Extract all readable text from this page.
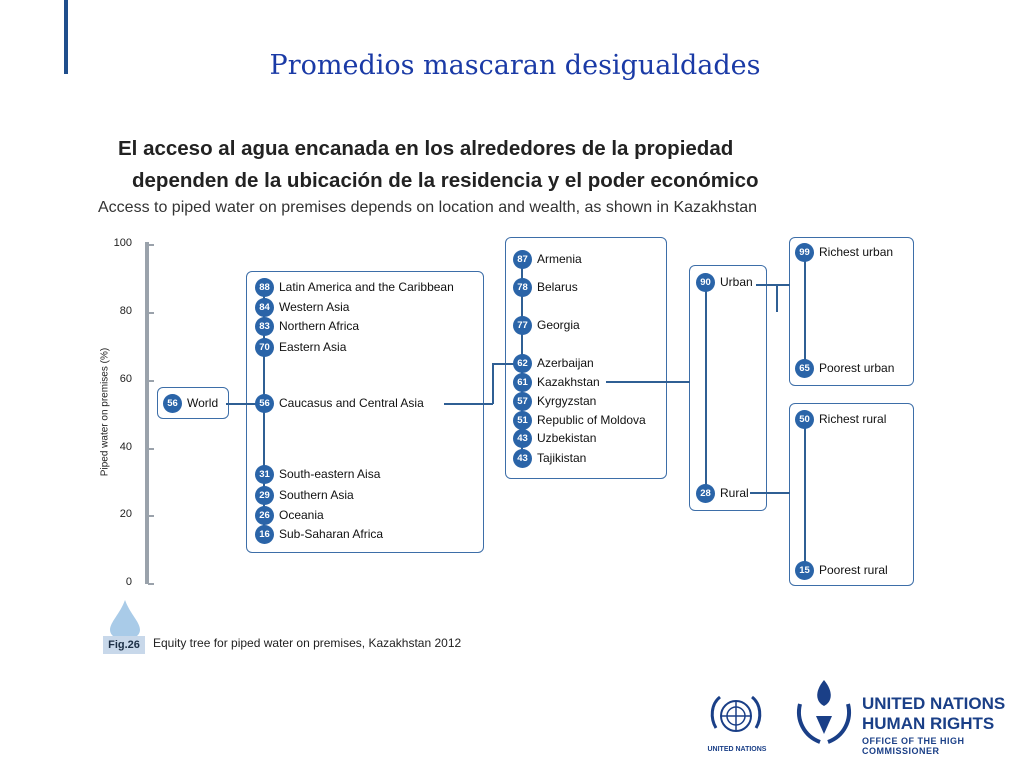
Promedios mascaran desigualdades
El acceso al agua encanada en los alrededores de la propiedad
dependen de la ubicación de la residencia y el poder económico
Access to piped water on premises depends on location and wealth, as shown in Kazakhstan
Piped water on premises (%)
100
80
60
40
20
0
56 World
88 Latin America and the Caribbean
84 Western Asia
83 Northern Africa
70 Eastern Asia
56 Caucasus and Central Asia
31 South-eastern Aisa
29 Southern Asia
26 Oceania
16 Sub-Saharan Africa
87 Armenia
78 Belarus
77 Georgia
62 Azerbaijan
61 Kazakhstan
57 Kyrgyzstan
51 Republic of Moldova
43 Uzbekistan
43 Tajikistan
90 Urban
28 Rural
99 Richest urban
65 Poorest urban
50 Richest rural
15 Poorest rural
Fig.26	Equity tree for piped water on premises, Kazakhstan 2012
UNITED NATIONS
UNITED NATIONS
HUMAN RIGHTS
OFFICE OF THE HIGH COMMISSIONER
